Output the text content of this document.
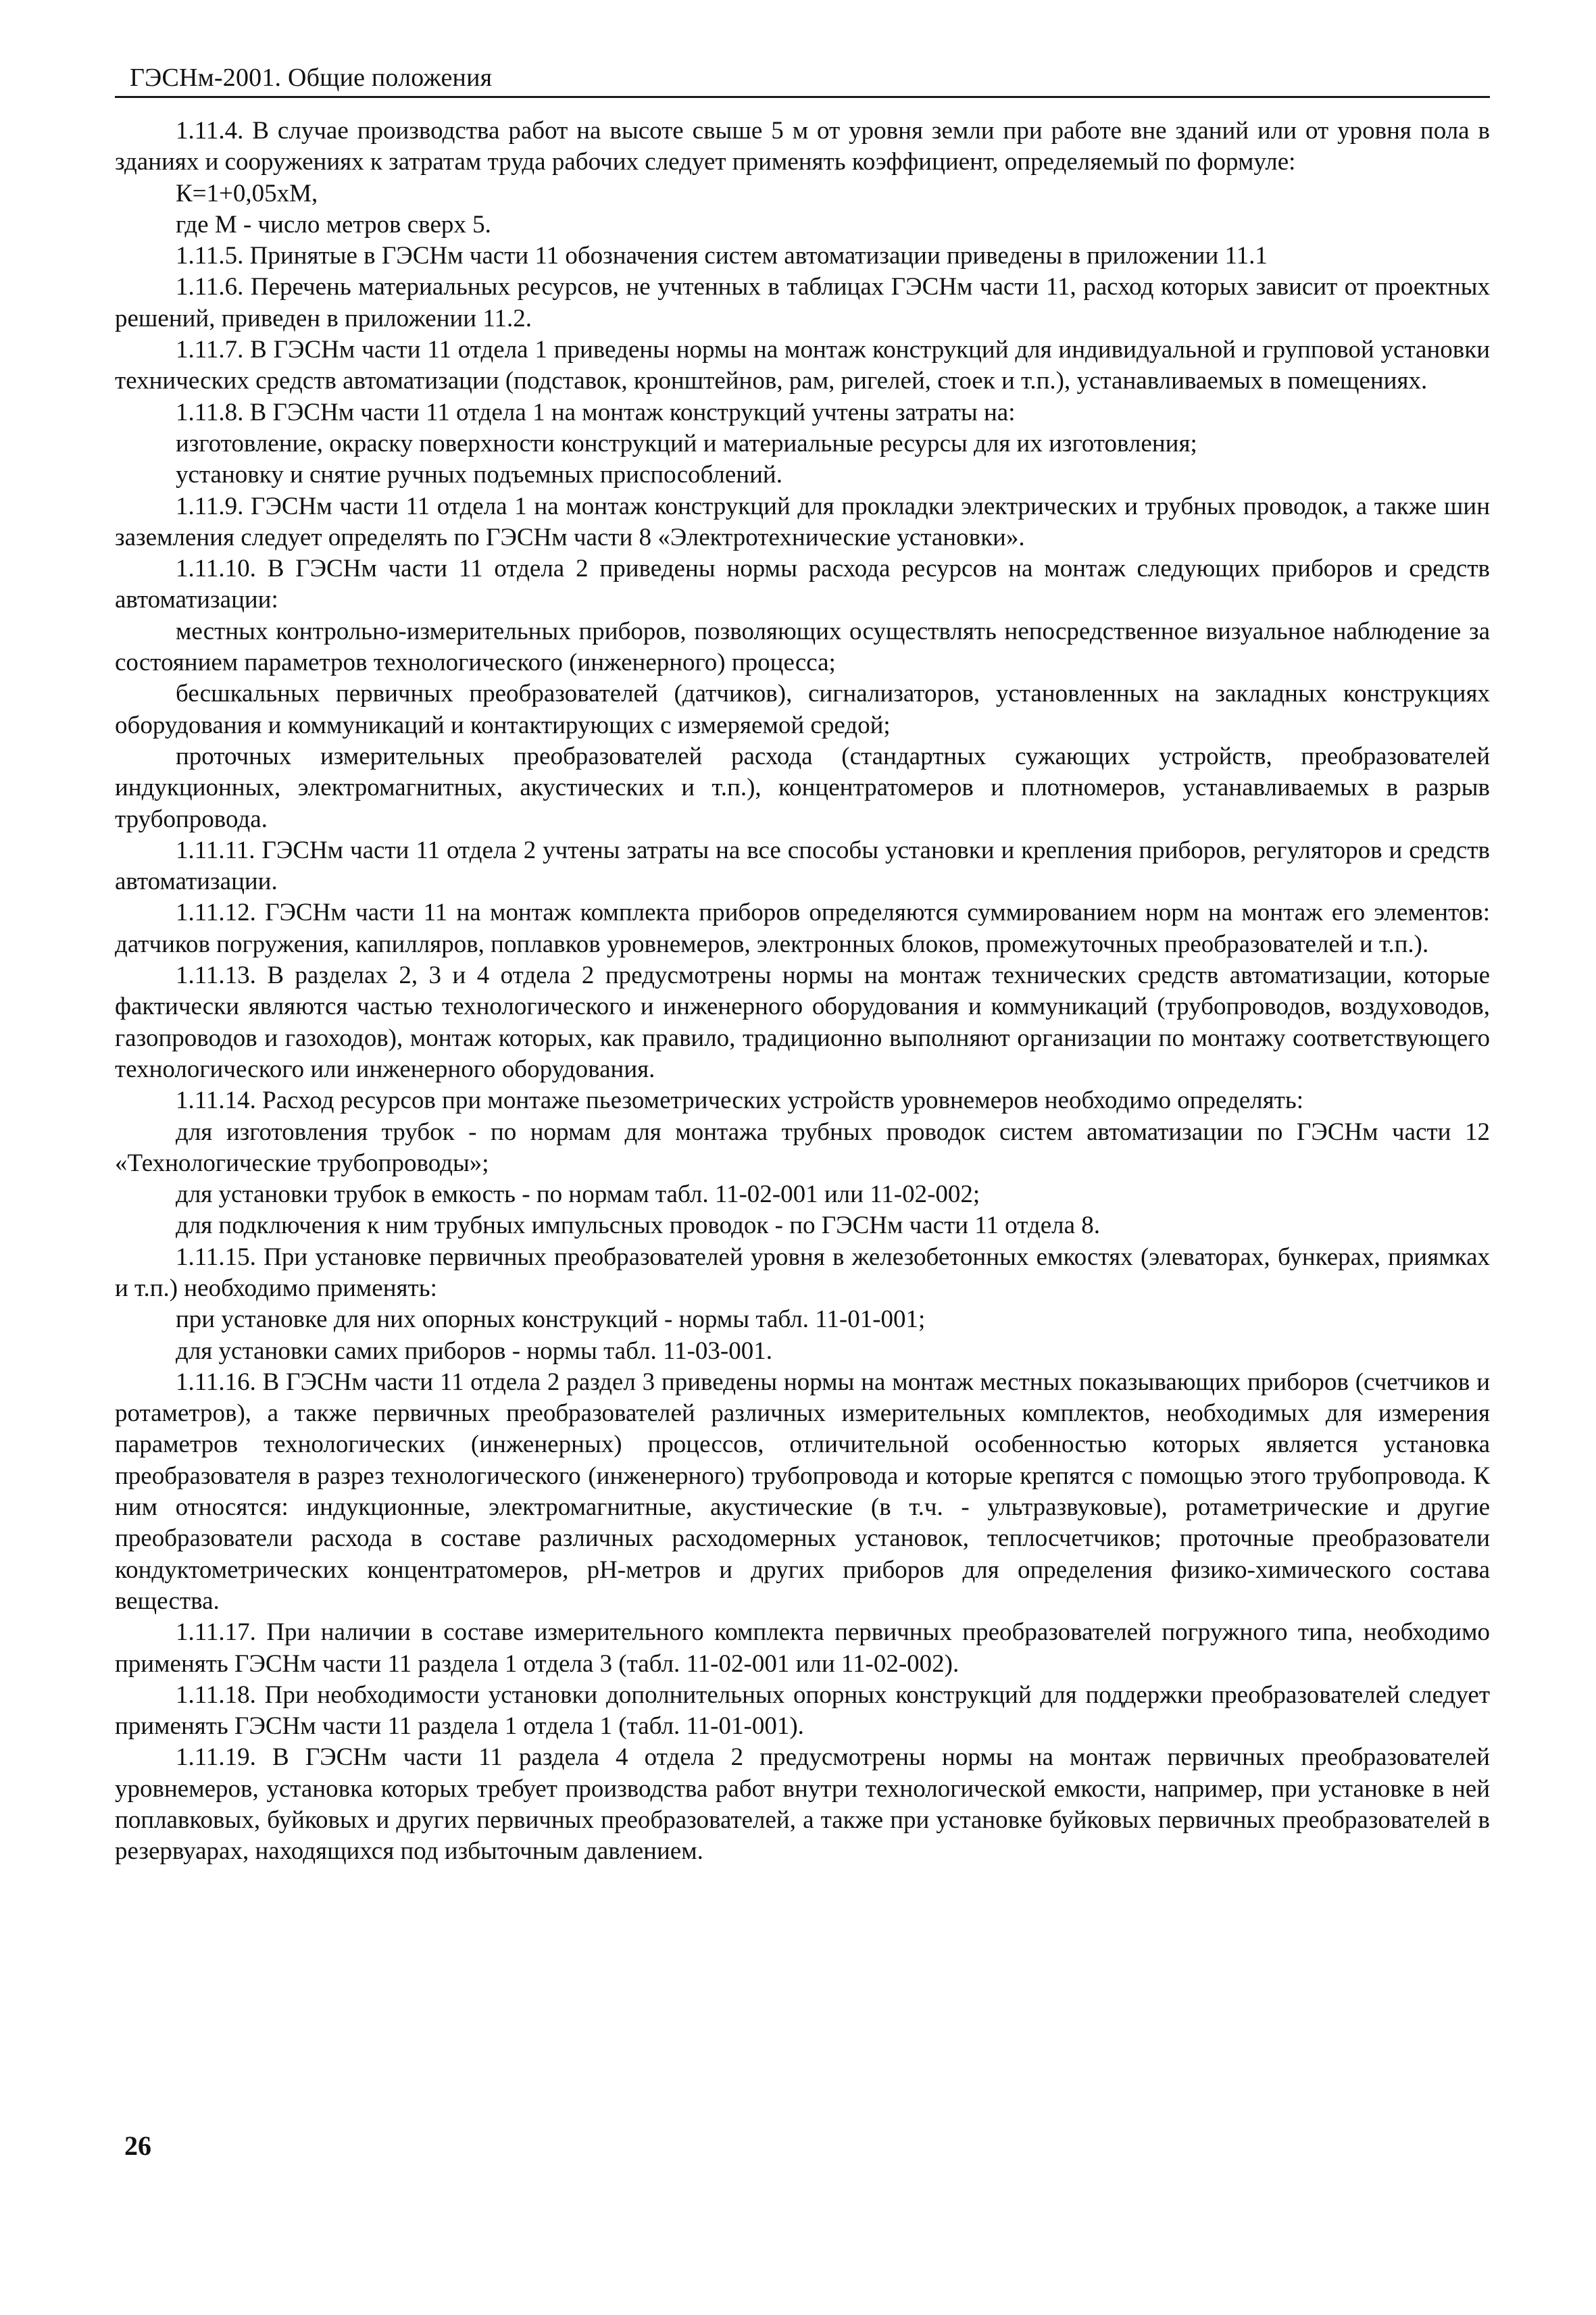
ГЭСНм-2001. Общие положения

1.11.4. В случае производства работ на высоте свыше 5 м от уровня земли при работе вне зданий или от уровня пола в зданиях и сооружениях к затратам труда рабочих следует применять коэффициент, определяемый по формуле:

К=1+0,05хМ,

где М - число метров сверх 5.

1.11.5. Принятые в ГЭСНм части 11 обозначения систем автоматизации приведены в приложении 11.1

1.11.6. Перечень материальных ресурсов, не учтенных в таблицах ГЭСНм части 11, расход которых зависит от проектных решений, приведен в приложении 11.2.

1.11.7. В ГЭСНм части 11 отдела 1 приведены нормы на монтаж конструкций для индивидуальной и групповой установки технических средств автоматизации (подставок, кронштейнов, рам, ригелей, стоек и т.п.), устанавливаемых в помещениях.

1.11.8. В ГЭСНм части 11 отдела 1 на монтаж конструкций учтены затраты на:

изготовление, окраску поверхности конструкций и материальные ресурсы для их изготовления;

установку и снятие ручных подъемных приспособлений.

1.11.9. ГЭСНм части 11 отдела 1 на монтаж конструкций для прокладки электрических и трубных проводок, а также шин заземления следует определять по ГЭСНм части 8 «Электротехнические установки».

1.11.10. В ГЭСНм части 11 отдела 2 приведены нормы расхода ресурсов на монтаж следующих приборов и средств автоматизации:

местных контрольно-измерительных приборов, позволяющих осуществлять непосредственное визуальное наблюдение за состоянием параметров технологического (инженерного) процесса;

бесшкальных первичных преобразователей (датчиков), сигнализаторов, установленных на закладных конструкциях оборудования и коммуникаций и контактирующих с измеряемой средой;

проточных измерительных преобразователей расхода (стандартных сужающих устройств, преобразователей индукционных, электромагнитных, акустических и т.п.), концентратомеров и плотномеров, устанавливаемых в разрыв трубопровода.

1.11.11. ГЭСНм части 11 отдела 2 учтены затраты на все способы установки и крепления приборов, регуляторов и средств автоматизации.

1.11.12. ГЭСНм части 11 на монтаж комплекта приборов определяются суммированием норм на монтаж его элементов: датчиков погружения, капилляров, поплавков уровнемеров, электронных блоков, промежуточных преобразователей и т.п.).

1.11.13. В разделах 2, 3 и 4 отдела 2 предусмотрены нормы на монтаж технических средств автоматизации, которые фактически являются частью технологического и инженерного оборудования и коммуникаций (трубопроводов, воздуховодов, газопроводов и газоходов), монтаж которых, как правило, традиционно выполняют организации по монтажу соответствующего технологического или инженерного оборудования.

1.11.14. Расход ресурсов при монтаже пьезометрических устройств уровнемеров необходимо определять:

для изготовления трубок - по нормам для монтажа трубных проводок систем автоматизации по ГЭСНм части 12 «Технологические трубопроводы»;

для установки трубок в емкость - по нормам табл. 11-02-001 или 11-02-002;

для подключения к ним трубных импульсных проводок - по ГЭСНм части 11 отдела 8.

1.11.15. При установке первичных преобразователей уровня в железобетонных емкостях (элеваторах, бункерах, приямках и т.п.) необходимо применять:

при установке для них опорных конструкций - нормы табл. 11-01-001;

для установки самих приборов - нормы табл. 11-03-001.

1.11.16. В ГЭСНм части 11 отдела 2 раздел 3 приведены нормы на монтаж местных показывающих приборов (счетчиков и ротаметров), а также первичных преобразователей различных измерительных комплектов, необходимых для измерения параметров технологических (инженерных) процессов, отличительной особенностью которых является установка преобразователя в разрез технологического (инженерного) трубопровода и которые крепятся с помощью этого трубопровода. К ним относятся: индукционные, электромагнитные, акустические (в т.ч. - ультразвуковые), ротаметрические и другие преобразователи расхода в составе различных расходомерных установок, теплосчетчиков; проточные преобразователи кондуктометрических концентратомеров, pH-метров и других приборов для определения физико-химического состава вещества.

1.11.17. При наличии в составе измерительного комплекта первичных преобразователей погружного типа, необходимо применять ГЭСНм части 11 раздела 1 отдела 3 (табл. 11-02-001 или 11-02-002).

1.11.18. При необходимости установки дополнительных опорных конструкций для поддержки преобразователей следует применять ГЭСНм части 11 раздела 1 отдела 1 (табл. 11-01-001).

1.11.19. В ГЭСНм части 11 раздела 4 отдела 2 предусмотрены нормы на монтаж первичных преобразователей уровнемеров, установка которых требует производства работ внутри технологической емкости, например, при установке в ней поплавковых, буйковых и других первичных преобразователей, а также при установке буйковых первичных преобразователей в резервуарах, находящихся под избыточным давлением.

26
